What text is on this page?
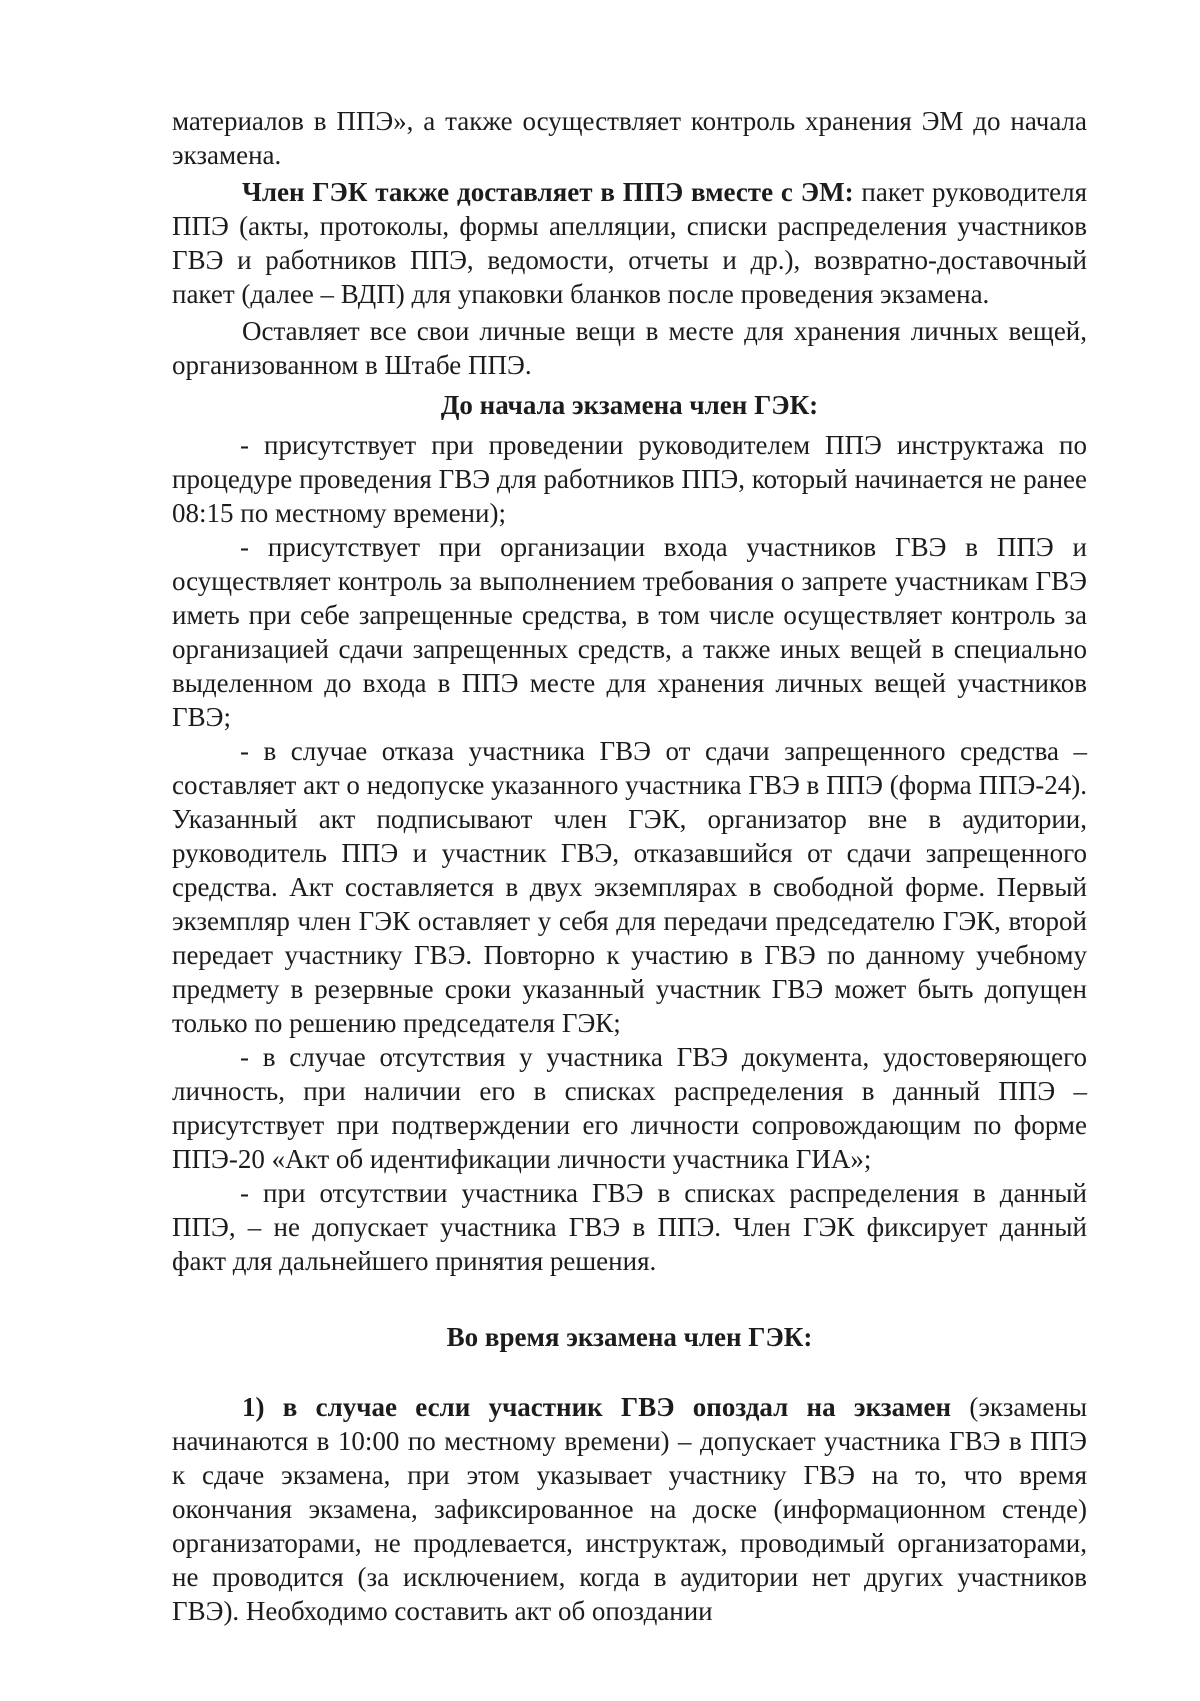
материалов в ППЭ», а также осуществляет контроль хранения ЭМ до начала экзамена.

Член ГЭК также доставляет в ППЭ вместе с ЭМ: пакет руководителя ППЭ (акты, протоколы, формы апелляции, списки распределения участников ГВЭ и работников ППЭ, ведомости, отчеты и др.), возвратно-доставочный пакет (далее – ВДП) для упаковки бланков после проведения экзамена.

Оставляет все свои личные вещи в месте для хранения личных вещей, организованном в Штабе ППЭ.

До начала экзамена член ГЭК:

- присутствует при проведении руководителем ППЭ инструктажа по процедуре проведения ГВЭ для работников ППЭ, который начинается не ранее 08:15 по местному времени);

- присутствует при организации входа участников ГВЭ в ППЭ и осуществляет контроль за выполнением требования о запрете участникам ГВЭ иметь при себе запрещенные средства, в том числе осуществляет контроль за организацией сдачи запрещенных средств, а также иных вещей в специально выделенном до входа в ППЭ месте для хранения личных вещей участников ГВЭ;

- в случае отказа участника ГВЭ от сдачи запрещенного средства – составляет акт о недопуске указанного участника ГВЭ в ППЭ (форма ППЭ-24). Указанный акт подписывают член ГЭК, организатор вне в аудитории, руководитель ППЭ и участник ГВЭ, отказавшийся от сдачи запрещенного средства. Акт составляется в двух экземплярах в свободной форме. Первый экземпляр член ГЭК оставляет у себя для передачи председателю ГЭК, второй передает участнику ГВЭ. Повторно к участию в ГВЭ по данному учебному предмету в резервные сроки указанный участник ГВЭ может быть допущен только по решению председателя ГЭК;

- в случае отсутствия у участника ГВЭ документа, удостоверяющего личность, при наличии его в списках распределения в данный ППЭ – присутствует при подтверждении его личности сопровождающим по форме ППЭ-20 «Акт об идентификации личности участника ГИА»;

- при отсутствии участника ГВЭ в списках распределения в данный ППЭ, – не допускает участника ГВЭ в ППЭ. Член ГЭК фиксирует данный факт для дальнейшего принятия решения.

Во время экзамена член ГЭК:

1) в случае если участник ГВЭ опоздал на экзамен (экзамены начинаются в 10:00 по местному времени) – допускает участника ГВЭ в ППЭ к сдаче экзамена, при этом указывает участнику ГВЭ на то, что время окончания экзамена, зафиксированное на доске (информационном стенде) организаторами, не продлевается, инструктаж, проводимый организаторами, не проводится (за исключением, когда в аудитории нет других участников ГВЭ). Необходимо составить акт об опоздании
